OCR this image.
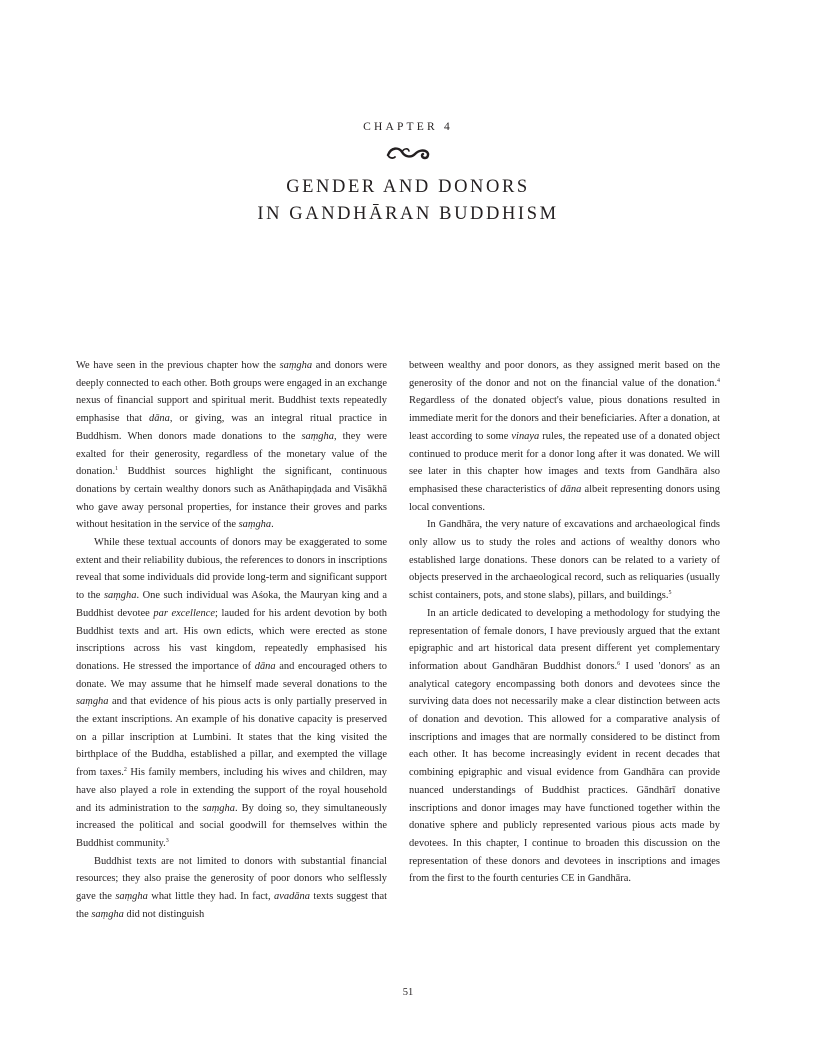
CHAPTER 4
GENDER AND DONORS
IN GANDHĀRAN BUDDHISM

We have seen in the previous chapter how the saṃgha and donors were deeply connected to each other. Both groups were engaged in an exchange nexus of financial support and spiritual merit. Buddhist texts repeatedly emphasise that dāna, or giving, was an integral ritual practice in Buddhism. When donors made donations to the saṃgha, they were exalted for their generosity, regardless of the monetary value of the donation.$^1$ Buddhist sources highlight the significant, continuous donations by certain wealthy donors such as Anāthapiṇḍada and Visākhā who gave away personal properties, for instance their groves and parks without hesitation in the service of the saṃgha.

While these textual accounts of donors may be exaggerated to some extent and their reliability dubious, the references to donors in inscriptions reveal that some individuals did provide long-term and significant support to the saṃgha. One such individual was Aśoka, the Mauryan king and a Buddhist devotee par excellence; lauded for his ardent devotion by both Buddhist texts and art. His own edicts, which were erected as stone inscriptions across his vast kingdom, repeatedly emphasised his donations. He stressed the importance of dāna and encouraged others to donate. We may assume that he himself made several donations to the saṃgha and that evidence of his pious acts is only partially preserved in the extant inscriptions. An example of his donative capacity is preserved on a pillar inscription at Lumbini. It states that the king visited the birthplace of the Buddha, established a pillar, and exempted the village from taxes.$^2$ His family members, including his wives and children, may have also played a role in extending the support of the royal household and its administration to the saṃgha. By doing so, they simultaneously increased the political and social goodwill for themselves within the Buddhist community.$^3$

Buddhist texts are not limited to donors with substantial financial resources; they also praise the generosity of poor donors who selflessly gave the saṃgha what little they had. In fact, avadāna texts suggest that the saṃgha did not distinguish

between wealthy and poor donors, as they assigned merit based on the generosity of the donor and not on the financial value of the donation.$^4$ Regardless of the donated object's value, pious donations resulted in immediate merit for the donors and their beneficiaries. After a donation, at least according to some vinaya rules, the repeated use of a donated object continued to produce merit for a donor long after it was donated. We will see later in this chapter how images and texts from Gandhāra also emphasised these characteristics of dāna albeit representing donors using local conventions.

In Gandhāra, the very nature of excavations and archaeological finds only allow us to study the roles and actions of wealthy donors who established large donations. These donors can be related to a variety of objects preserved in the archaeological record, such as reliquaries (usually schist containers, pots, and stone slabs), pillars, and buildings.$^5$

In an article dedicated to developing a methodology for studying the representation of female donors, I have previously argued that the extant epigraphic and art historical data present different yet complementary information about Gandhāran Buddhist donors.$^6$ I used 'donors' as an analytical category encompassing both donors and devotees since the surviving data does not necessarily make a clear distinction between acts of donation and devotion. This allowed for a comparative analysis of inscriptions and images that are normally considered to be distinct from each other. It has become increasingly evident in recent decades that combining epigraphic and visual evidence from Gandhāra can provide nuanced understandings of Buddhist practices. Gāndhārī donative inscriptions and donor images may have functioned together within the donative sphere and publicly represented various pious acts made by devotees. In this chapter, I continue to broaden this discussion on the representation of these donors and devotees in inscriptions and images from the first to the fourth centuries CE in Gandhāra.

51
